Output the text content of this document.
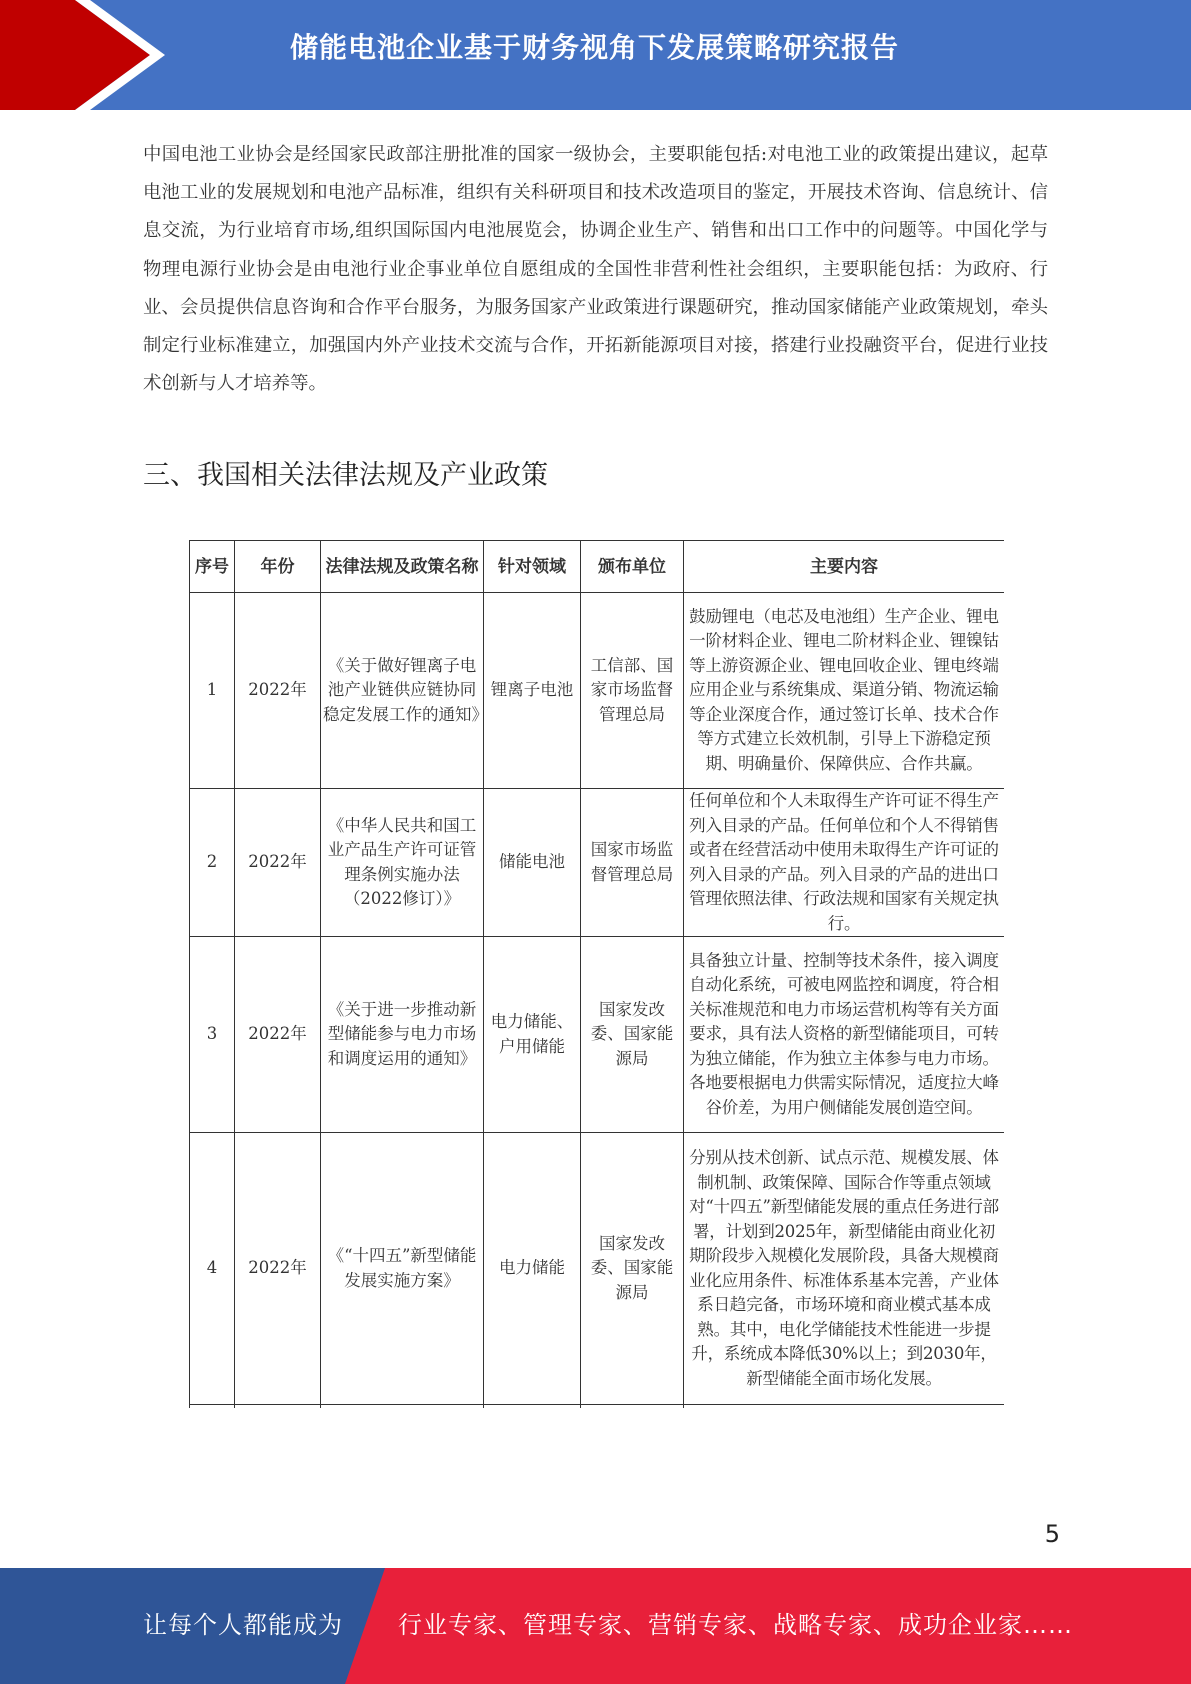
储能电池企业基于财务视角下发展策略研究报告
中国电池工业协会是经国家民政部注册批准的国家一级协会，主要职能包括:对电池工业的政策提出建议，起草电池工业的发展规划和电池产品标准，组织有关科研项目和技术改造项目的鉴定，开展技术咨询、信息统计、信息交流，为行业培育市场,组织国际国内电池展览会，协调企业生产、销售和出口工作中的问题等。中国化学与物理电源行业协会是由电池行业企事业单位自愿组成的全国性非营利性社会组织，主要职能包括：为政府、行业、会员提供信息咨询和合作平台服务，为服务国家产业政策进行课题研究，推动国家储能产业政策规划，牵头制定行业标准建立，加强国内外产业技术交流与合作，开拓新能源项目对接，搭建行业投融资平台，促进行业技术创新与人才培养等。
三、我国相关法律法规及产业政策
序号	年份	法律法规及政策名称	针对领域	颁布单位	主要内容
1	2022年	《关于做好锂离子电池产业链供应链协同稳定发展工作的通知》	锂离子电池	工信部、国家市场监督管理总局	鼓励锂电（电芯及电池组）生产企业、锂电一阶材料企业、锂电二阶材料企业、锂镍钴等上游资源企业、锂电回收企业、锂电终端应用企业与系统集成、渠道分销、物流运输等企业深度合作，通过签订长单、技术合作等方式建立长效机制，引导上下游稳定预期、明确量价、保障供应、合作共赢。
2	2022年	《中华人民共和国工业产品生产许可证管理条例实施办法（2022修订）》	储能电池	国家市场监督管理总局	任何单位和个人未取得生产许可证不得生产列入目录的产品。任何单位和个人不得销售或者在经营活动中使用未取得生产许可证的列入目录的产品。列入目录的产品的进出口管理依照法律、行政法规和国家有关规定执行。
3	2022年	《关于进一步推动新型储能参与电力市场和调度运用的通知》	电力储能、户用储能	国家发改委、国家能源局	具备独立计量、控制等技术条件，接入调度自动化系统，可被电网监控和调度，符合相关标准规范和电力市场运营机构等有关方面要求，具有法人资格的新型储能项目，可转为独立储能，作为独立主体参与电力市场。各地要根据电力供需实际情况，适度拉大峰谷价差，为用户侧储能发展创造空间。
4	2022年	《“十四五”新型储能发展实施方案》	电力储能	国家发改委、国家能源局	分别从技术创新、试点示范、规模发展、体制机制、政策保障、国际合作等重点领域对“十四五”新型储能发展的重点任务进行部署，计划到2025年，新型储能由商业化初期阶段步入规模化发展阶段，具备大规模商业化应用条件、标准体系基本完善，产业体系日趋完备，市场环境和商业模式基本成熟。其中，电化学储能技术性能进一步提升，系统成本降低30%以上；到2030年，新型储能全面市场化发展。

5
让每个人都能成为 行业专家、管理专家、营销专家、战略专家、成功企业家……
